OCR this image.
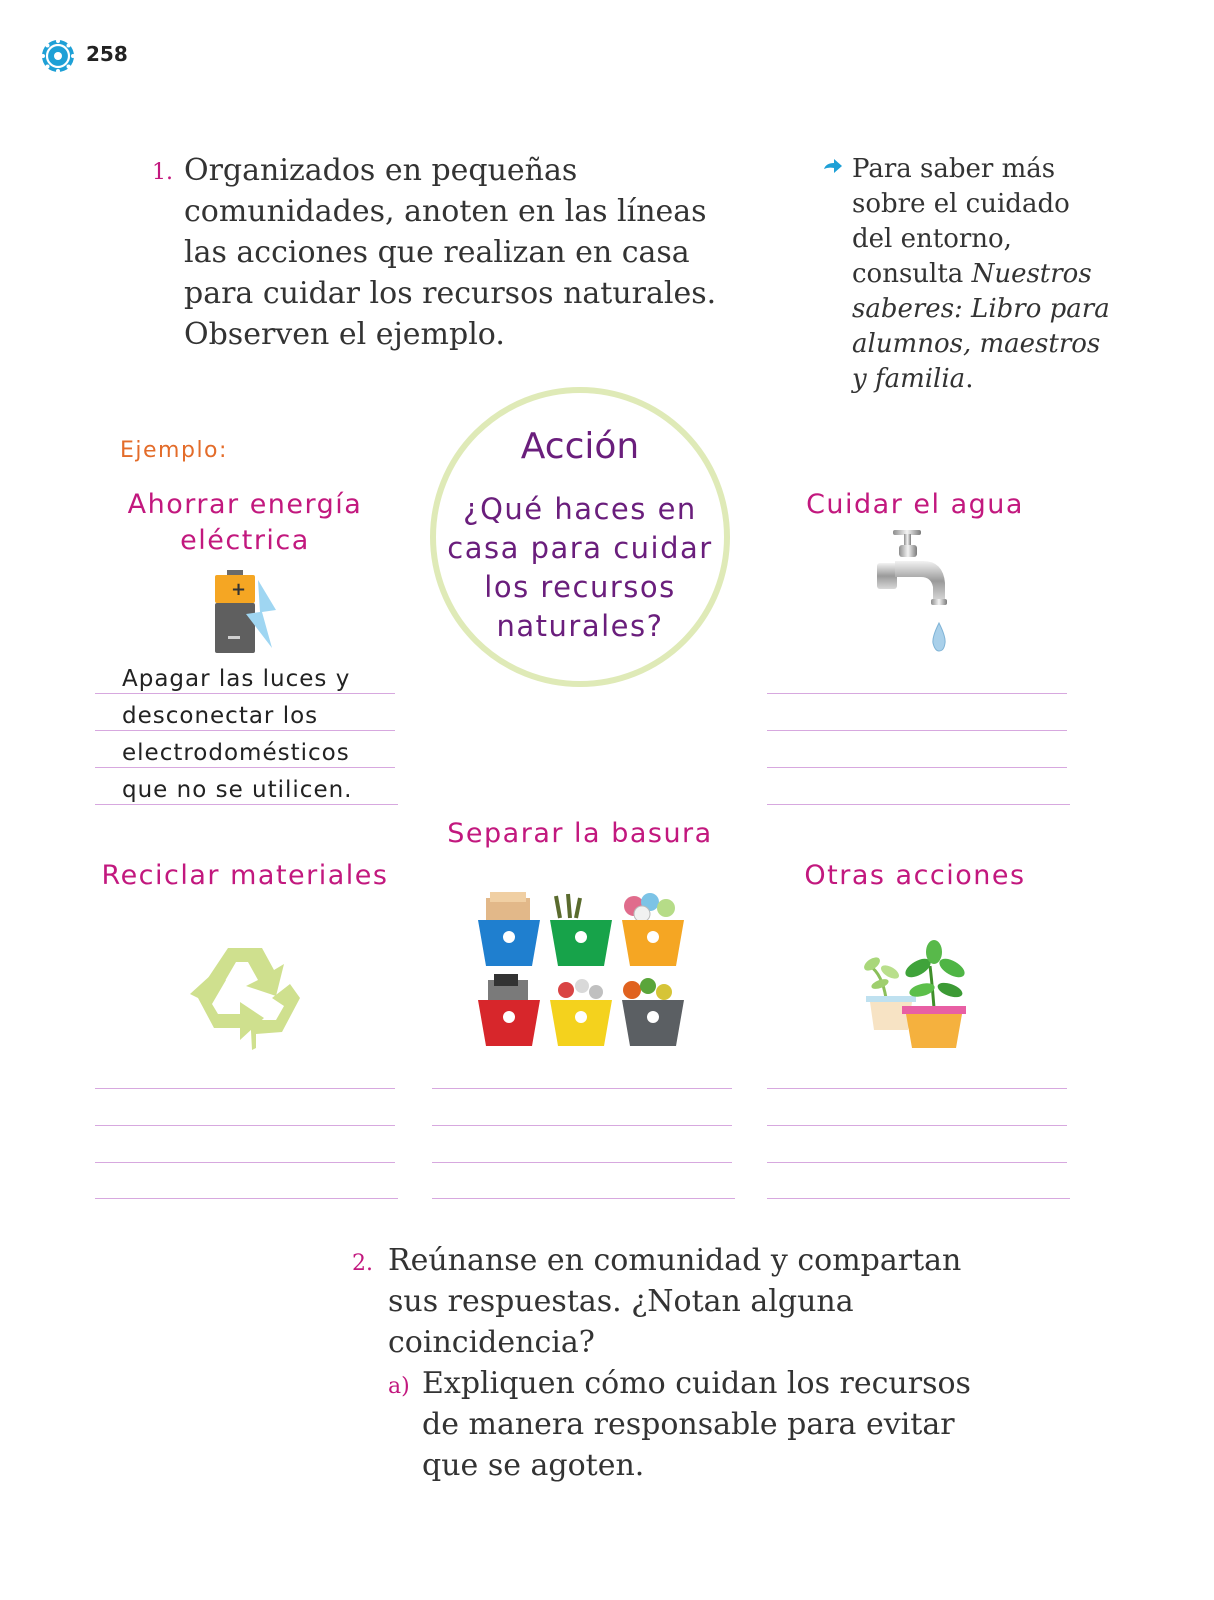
258
1. Organizados en pequeñas comunidades, anoten en las líneas las acciones que realizan en casa para cuidar los recursos naturales. Observen el ejemplo.
Para saber más sobre el cuidado del entorno, consulta Nuestros saberes: Libro para alumnos, maestros y familia.
Ejemplo:
Ahorrar energía eléctrica
+
Apagar las luces y
desconectar los
electrodomésticos
que no se utilicen.
Acción
¿Qué haces en casa para cuidar los recursos naturales?
Cuidar el agua
Reciclar materiales
Separar la basura
Otras acciones
2. Reúnanse en comunidad y compartan sus respuestas. ¿Notan alguna coincidencia?
a) Expliquen cómo cuidan los recursos de manera responsable para evitar que se agoten.
